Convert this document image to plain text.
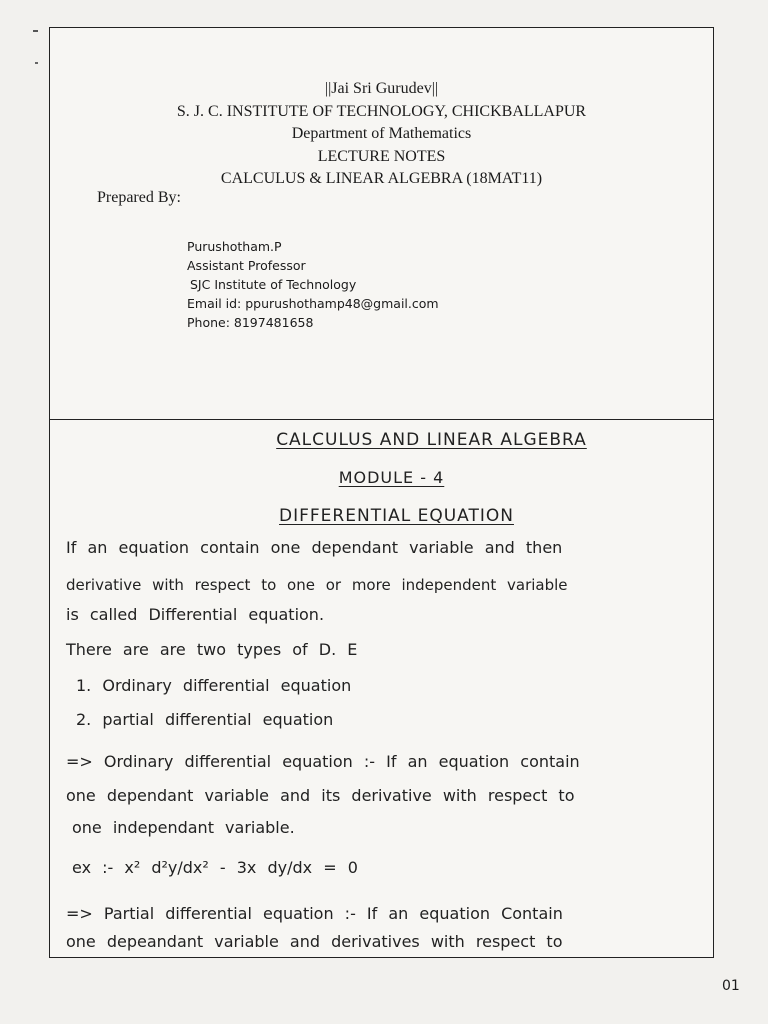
||Jai Sri Gurudev||
S. J. C. INSTITUTE OF TECHNOLOGY, CHICKBALLAPUR
Department of Mathematics
LECTURE NOTES
CALCULUS & LINEAR ALGEBRA (18MAT11)
Prepared By:
Purushotham.P
Assistant Professor
SJC Institute of Technology
Email id: ppurushothamp48@gmail.com
Phone: 8197481658
CALCULUS AND LINEAR ALGEBRA
MODULE - 4
DIFFERENTIAL EQUATION
If an equation contain one dependant variable and then
derivative with respect to one or more independent variable
is called Differential equation.
There are are two types of D. E
1. Ordinary differential equation
2. partial differential equation
=> Ordinary differential equation :- If an equation contain
one dependant variable and its derivative with respect to
one independant variable.
ex :- x² d²y/dx² - 3x dy/dx = 0
=> Partial differential equation :- If an equation Contain
one depeandant variable and derivatives with respect to
01
